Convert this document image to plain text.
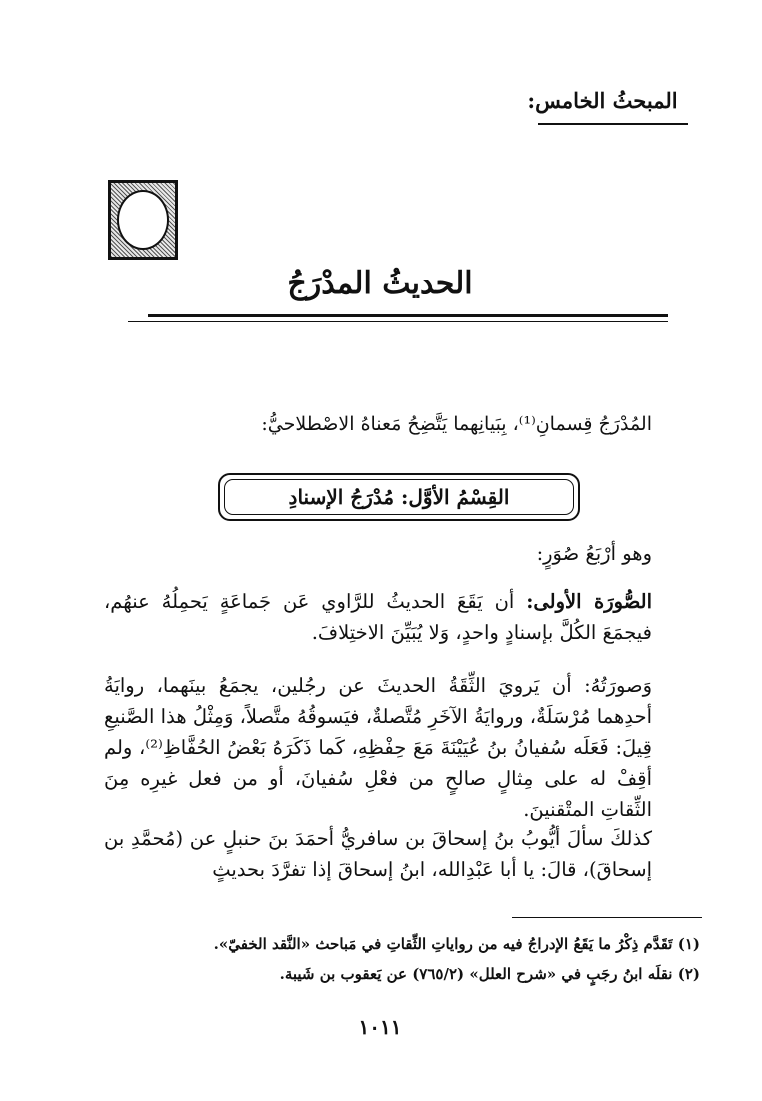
المبحثُ الخامس:
الحديثُ المدْرَجُ
المُدْرَجُ قِسمانِ⁽¹⁾، بِبَيانِهما يَتَّضِحُ مَعناهُ الاصْطلاحيُّ:
القِسْمُ الأوَّل: مُدْرَجُ الإسنادِ
وهو أرْبَعُ صُوَرٍ:
الصُّورَة الأولى: أن يَقَعَ الحديثُ للرَّاوي عَن جَماعَةٍ يَحمِلُهُ عنهُم، فيجمَعَ الكُلَّ بإسنادٍ واحدٍ، وَلا يُبَيِّنَ الاختِلافَ.
وَصورَتُهُ: أن يَرويَ الثِّقَةُ الحديثَ عن رجُلين، يجمَعُ بينَهما، روايَةُ أحدِهما مُرْسَلَةٌ، وروايَةُ الآخَرِ مُتَّصلةٌ، فيَسوقُهُ متَّصلاً، وَمِثْلُ هذا الصَّنيعِ قِيلَ: فَعَلَه سُفيانُ بنُ عُيَيْنَةَ مَعَ حِفْظِهِ، كَما ذَكَرَهُ بَعْضُ الحُفَّاظِ⁽²⁾، ولم أقِفْ له على مِثالٍ صالحٍ من فعْلِ سُفيانَ، أو من فعل غيرِه مِنَ الثِّقاتِ المتْقنينَ.
كذلكَ سألَ أيُّوبُ بنُ إسحاقَ بن سافريُّ أحمَدَ بنَ حنبلٍ عن (مُحمَّدِ بن إسحاقَ)، قالَ: يا أبا عَبْدِالله، ابنُ إسحاقَ إذا تفرَّدَ بحديثٍ
(١) تَقَدَّم ذِكْرُ ما يَقَعُ الإدراجُ فيه من رواياتِ الثِّقاتِ في مَباحث «النَّقد الخفيّ».
(٢) نقلَه ابنُ رجَبٍ في «شرح العلل» (٧٦٥/٢) عن يَعقوب بن شَيبة.
١٠١١
